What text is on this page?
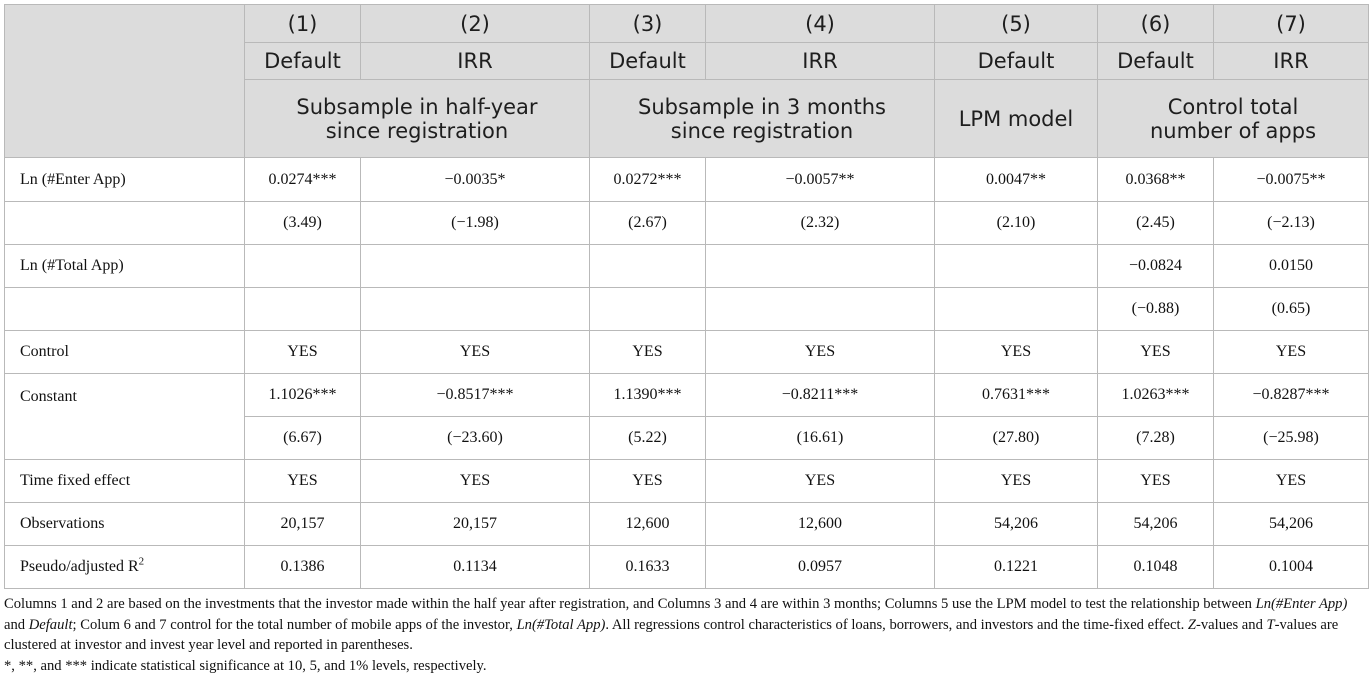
	(1)	(2)	(3)	(4)	(5)	(6)	(7)
	Default	IRR	Default	IRR	Default	Default	IRR
	Subsample in half-year since registration		Subsample in 3 months since registration		LPM model	Control total number of apps	
Ln (#Enter App)	0.0274***	−0.0035*	0.0272***	−0.0057**	0.0047**	0.0368**	−0.0075**
	(3.49)	(−1.98)	(2.67)	(2.32)	(2.10)	(2.45)	(−2.13)
Ln (#Total App)						−0.0824	0.0150
						(−0.88)	(0.65)
Control	YES	YES	YES	YES	YES	YES	YES
Constant	1.1026***	−0.8517***	1.1390***	−0.8211***	0.7631***	1.0263***	−0.8287***
	(6.67)	(−23.60)	(5.22)	(16.61)	(27.80)	(7.28)	(−25.98)
Time fixed effect	YES	YES	YES	YES	YES	YES	YES
Observations	20,157	20,157	12,600	12,600	54,206	54,206	54,206
Pseudo/adjusted $R^2$	0.1386	0.1134	0.1633	0.0957	0.1221	0.1048	0.1004

Columns 1 and 2 are based on the investments that the investor made within the half year after registration, and Columns 3 and 4 are within 3 months; Columns 5 use the LPM model to test the relationship between Ln(#Enter App) and Default; Colum 6 and 7 control for the total number of mobile apps of the investor, Ln(#Total App). All regressions control characteristics of loans, borrowers, and investors and the time-fixed effect. Z-values and T-values are clustered at investor and invest year level and reported in parentheses.

*, **, and *** indicate statistical significance at 10, 5, and 1% levels, respectively.
